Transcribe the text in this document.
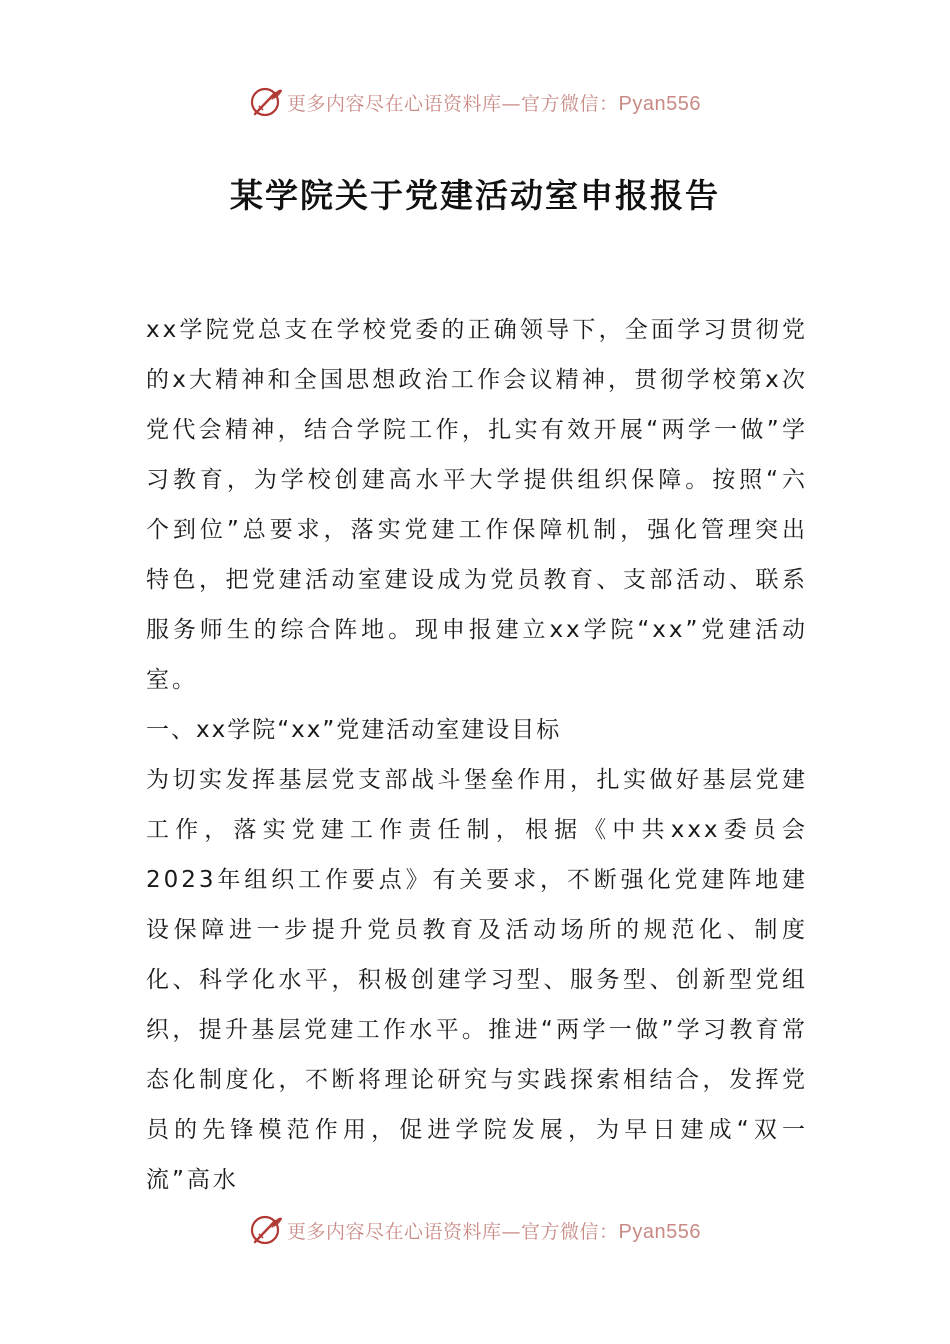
更多内容尽在心语资料库—官方微信：Pyan556
某学院关于党建活动室申报报告

xx学院党总支在学校党委的正确领导下，全面学习贯彻党的x大精神和全国思想政治工作会议精神，贯彻学校第x次党代会精神，结合学院工作，扎实有效开展“两学一做”学习教育，为学校创建高水平大学提供组织保障。按照“六个到位”总要求，落实党建工作保障机制，强化管理突出特色，把党建活动室建设成为党员教育、支部活动、联系服务师生的综合阵地。现申报建立xx学院“xx”党建活动室。

一、xx学院“xx”党建活动室建设目标

为切实发挥基层党支部战斗堡垒作用，扎实做好基层党建工作，落实党建工作责任制，根据《中共xxx委员会2023年组织工作要点》有关要求，不断强化党建阵地建设保障进一步提升党员教育及活动场所的规范化、制度化、科学化水平，积极创建学习型、服务型、创新型党组织，提升基层党建工作水平。推进“两学一做”学习教育常态化制度化，不断将理论研究与实践探索相结合，发挥党员的先锋模范作用，促进学院发展，为早日建成“双一流”高水

更多内容尽在心语资料库—官方微信：Pyan556
